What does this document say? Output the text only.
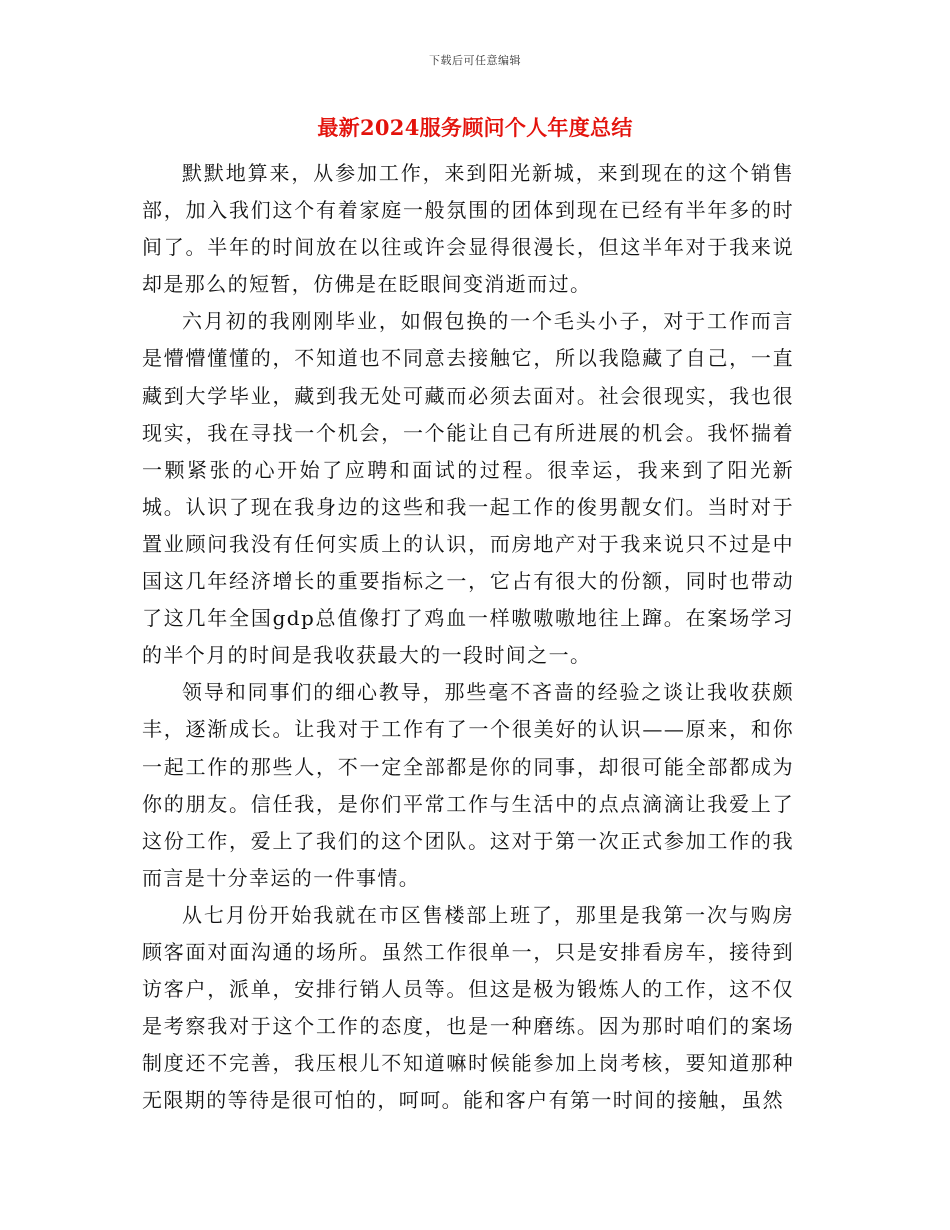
下载后可任意编辑
最新2024服务顾问个人年度总结

默默地算来，从参加工作，来到阳光新城，来到现在的这个销售部，加入我们这个有着家庭一般氛围的团体到现在已经有半年多的时间了。半年的时间放在以往或许会显得很漫长，但这半年对于我来说却是那么的短暂，仿佛是在眨眼间变消逝而过。

六月初的我刚刚毕业，如假包换的一个毛头小子，对于工作而言是懵懵懂懂的，不知道也不同意去接触它，所以我隐藏了自己，一直藏到大学毕业，藏到我无处可藏而必须去面对。社会很现实，我也很现实，我在寻找一个机会，一个能让自己有所进展的机会。我怀揣着一颗紧张的心开始了应聘和面试的过程。很幸运，我来到了阳光新城。认识了现在我身边的这些和我一起工作的俊男靓女们。当时对于置业顾问我没有任何实质上的认识，而房地产对于我来说只不过是中国这几年经济增长的重要指标之一，它占有很大的份额，同时也带动了这几年全国gdp总值像打了鸡血一样嗷嗷嗷地往上蹿。在案场学习的半个月的时间是我收获最大的一段时间之一。

领导和同事们的细心教导，那些毫不吝啬的经验之谈让我收获颇丰，逐渐成长。让我对于工作有了一个很美好的认识——原来，和你一起工作的那些人，不一定全部都是你的同事，却很可能全部都成为你的朋友。信任我，是你们平常工作与生活中的点点滴滴让我爱上了这份工作，爱上了我们的这个团队。这对于第一次正式参加工作的我而言是十分幸运的一件事情。

从七月份开始我就在市区售楼部上班了，那里是我第一次与购房顾客面对面沟通的场所。虽然工作很单一，只是安排看房车，接待到访客户，派单，安排行销人员等。但这是极为锻炼人的工作，这不仅是考察我对于这个工作的态度，也是一种磨练。因为那时咱们的案场制度还不完善，我压根儿不知道嘛时候能参加上岗考核，要知道那种无限期的等待是很可怕的，呵呵。能和客户有第一时间的接触，虽然
